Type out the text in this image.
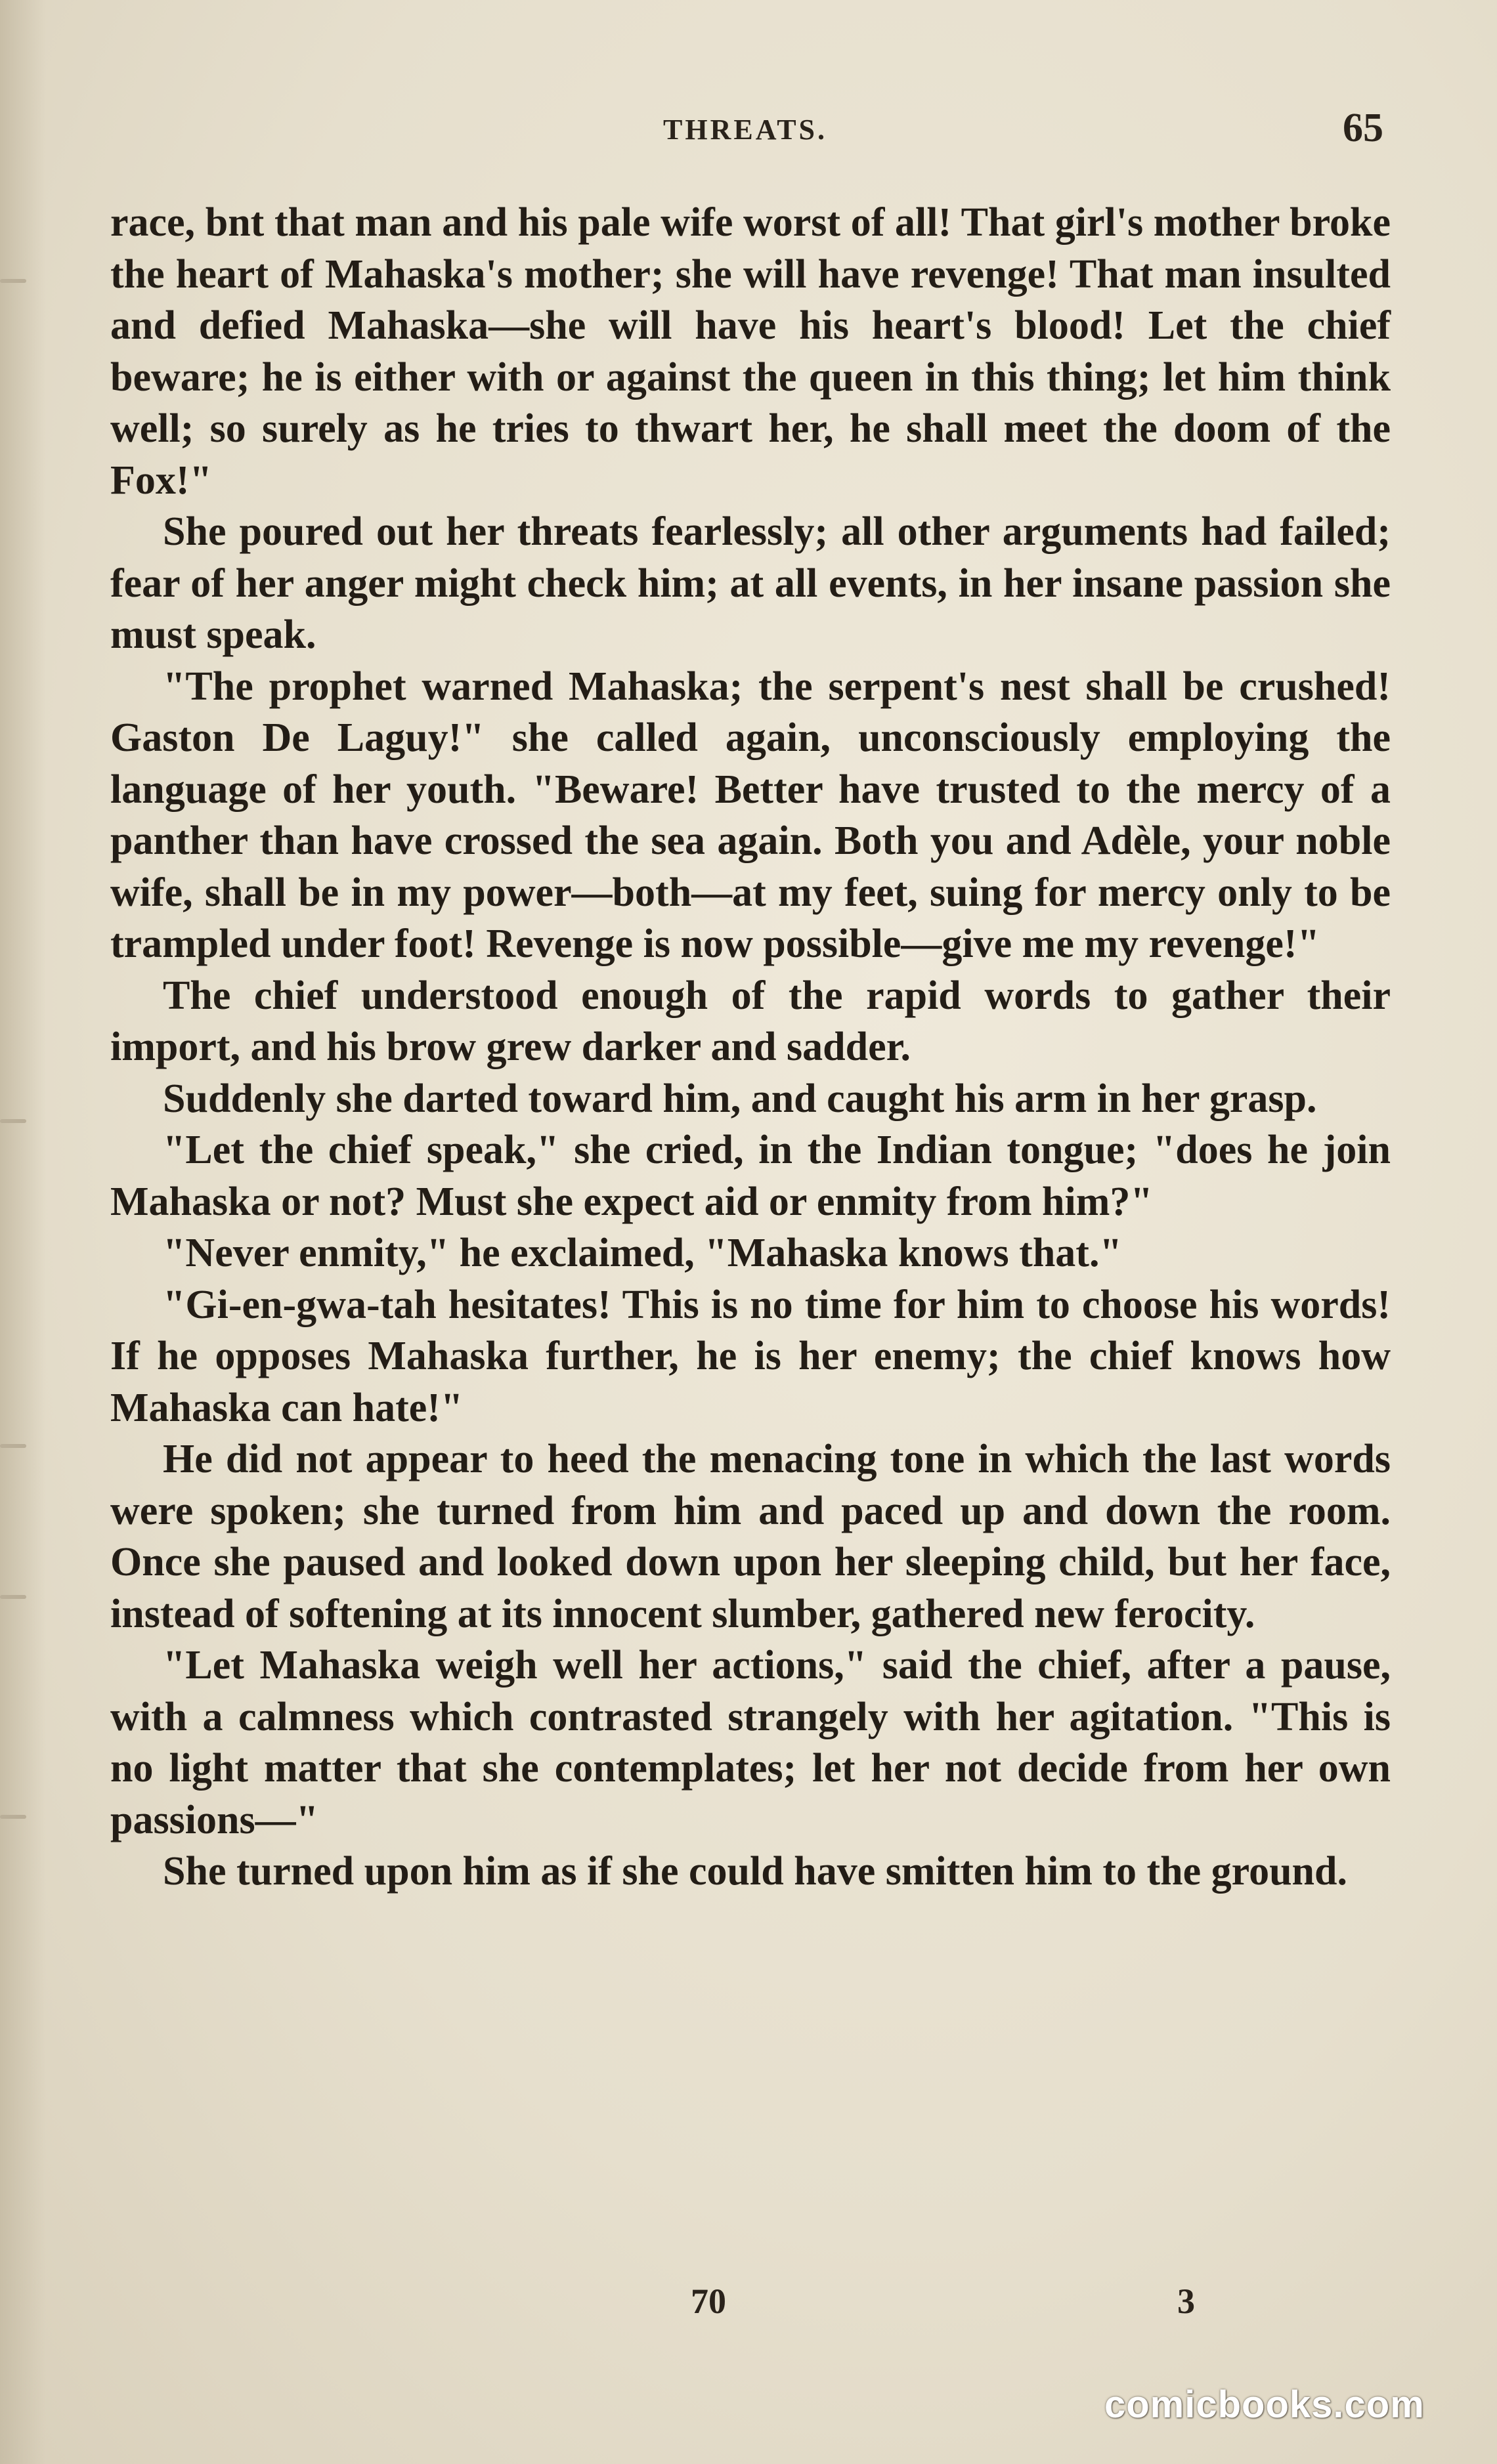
THREATS.	65

race, bnt that man and his pale wife worst of all! That girl's mother broke the heart of Mahaska's mother; she will have revenge! That man insulted and defied Mahaska—she will have his heart's blood! Let the chief beware; he is either with or against the queen in this thing; let him think well; so surely as he tries to thwart her, he shall meet the doom of the Fox!"

She poured out her threats fearlessly; all other arguments had failed; fear of her anger might check him; at all events, in her insane passion she must speak.

"The prophet warned Mahaska; the serpent's nest shall be crushed! Gaston De Laguy!" she called again, unconsciously employing the language of her youth. "Beware! Better have trusted to the mercy of a panther than have crossed the sea again. Both you and Adèle, your noble wife, shall be in my power—both—at my feet, suing for mercy only to be trampled under foot! Revenge is now possible—give me my revenge!"

The chief understood enough of the rapid words to gather their import, and his brow grew darker and sadder.

Suddenly she darted toward him, and caught his arm in her grasp.

"Let the chief speak," she cried, in the Indian tongue; "does he join Mahaska or not? Must she expect aid or enmity from him?"

"Never enmity," he exclaimed, "Mahaska knows that."

"Gi-en-gwa-tah hesitates! This is no time for him to choose his words! If he opposes Mahaska further, he is her enemy; the chief knows how Mahaska can hate!"

He did not appear to heed the menacing tone in which the last words were spoken; she turned from him and paced up and down the room. Once she paused and looked down upon her sleeping child, but her face, instead of softening at its innocent slumber, gathered new ferocity.

"Let Mahaska weigh well her actions," said the chief, after a pause, with a calmness which contrasted strangely with her agitation. "This is no light matter that she contemplates; let her not decide from her own passions—"

She turned upon him as if she could have smitten him to the ground.

70	3
comicbooks.com
